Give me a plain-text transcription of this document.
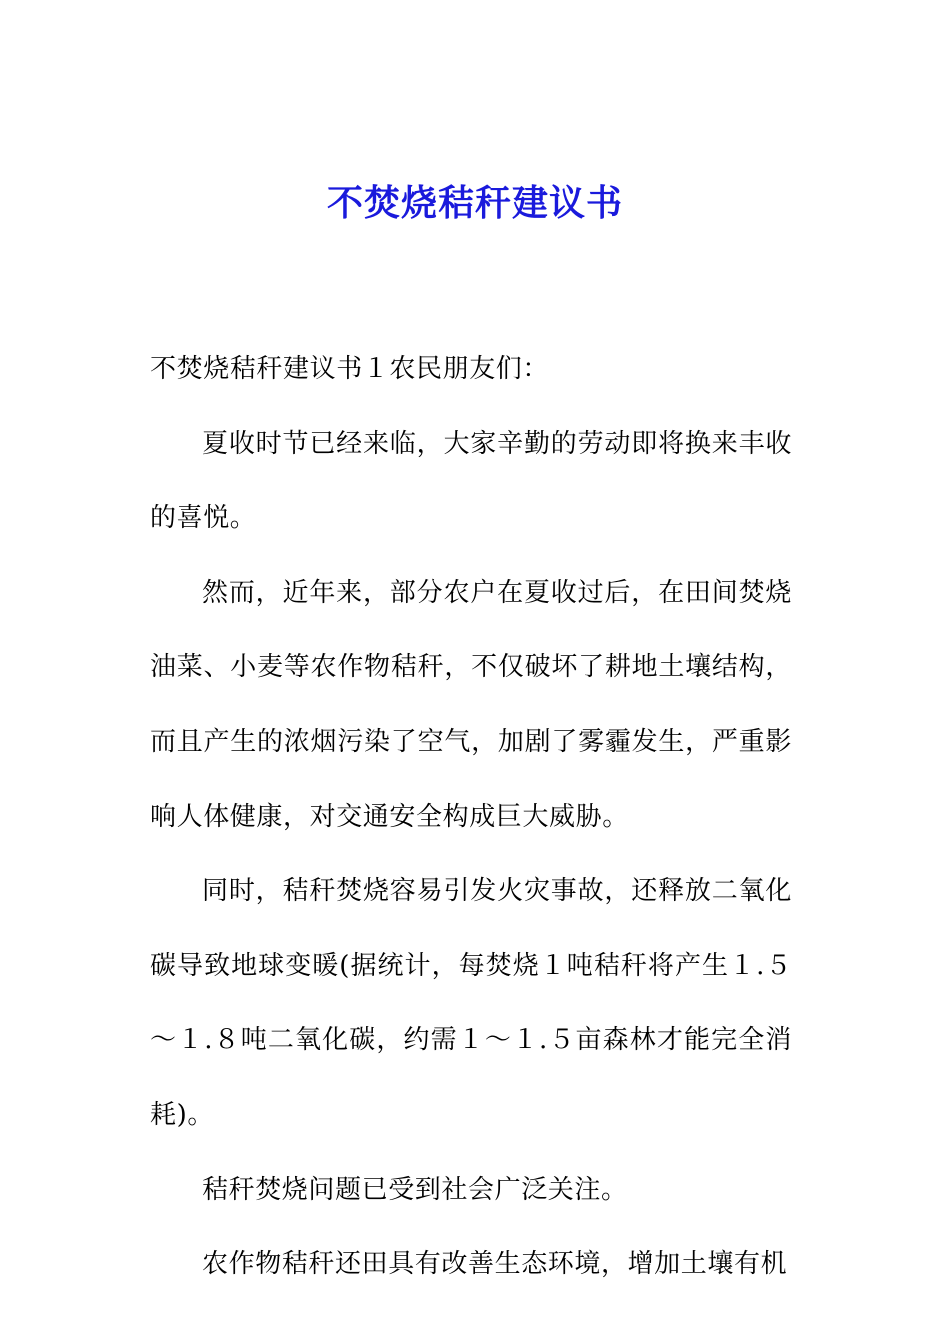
不焚烧秸秆建议书

不焚烧秸秆建议书１农民朋友们：

夏收时节已经来临，大家辛勤的劳动即将换来丰收的喜悦。

然而，近年来，部分农户在夏收过后，在田间焚烧油菜、小麦等农作物秸秆，不仅破坏了耕地土壤结构，而且产生的浓烟污染了空气，加剧了雾霾发生，严重影响人体健康，对交通安全构成巨大威胁。

同时，秸秆焚烧容易引发火灾事故，还释放二氧化碳导致地球变暖(据统计，每焚烧１吨秸秆将产生１.５～１.８吨二氧化碳，约需１～１.５亩森林才能完全消耗)。

秸秆焚烧问题已受到社会广泛关注。

农作物秸秆还田具有改善生态环境，增加土壤有机
